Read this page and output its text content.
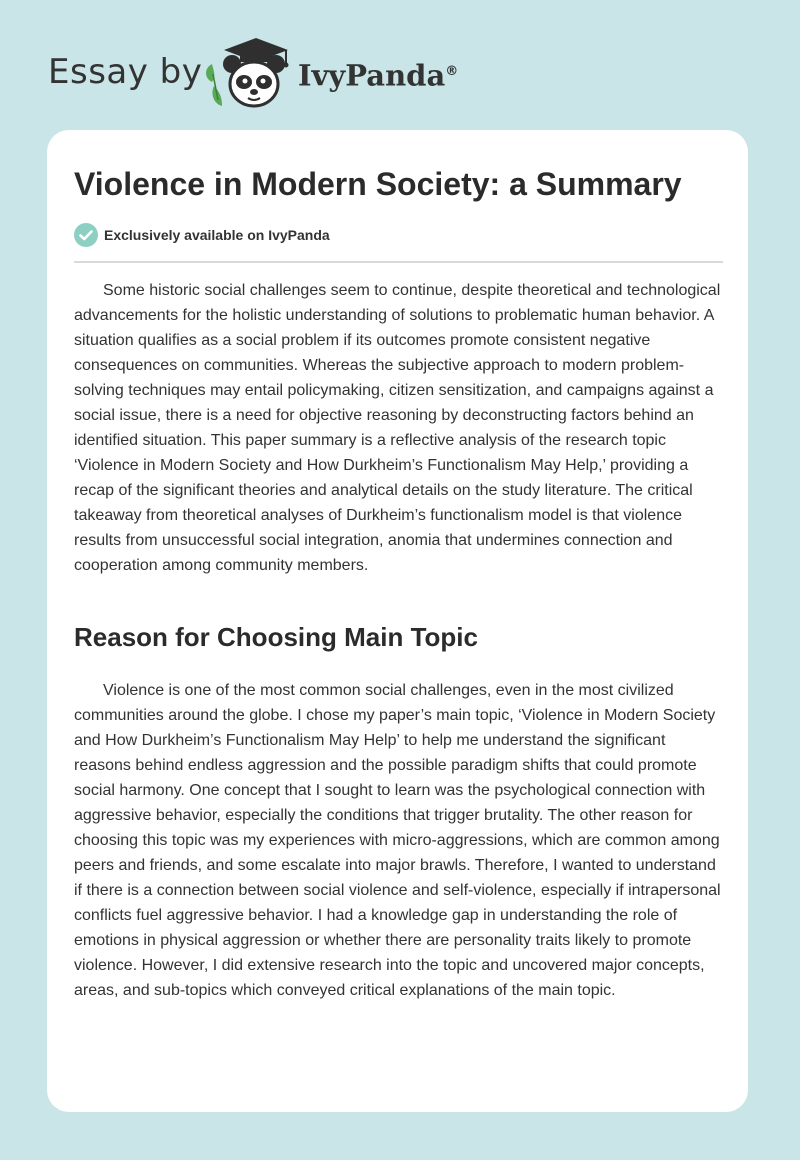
Essay by	IvyPanda®
Violence in Modern Society: a Summary
Exclusively available on IvyPanda

Some historic social challenges seem to continue, despite theoretical and technological advancements for the holistic understanding of solutions to problematic human behavior. A situation qualifies as a social problem if its outcomes promote consistent negative consequences on communities. Whereas the subjective approach to modern problem-solving techniques may entail policymaking, citizen sensitization, and campaigns against a social issue, there is a need for objective reasoning by deconstructing factors behind an identified situation. This paper summary is a reflective analysis of the research topic ‘Violence in Modern Society and How Durkheim’s Functionalism May Help,’ providing a recap of the significant theories and analytical details on the study literature. The critical takeaway from theoretical analyses of Durkheim’s functionalism model is that violence results from unsuccessful social integration, anomia that undermines connection and cooperation among community members.

Reason for Choosing Main Topic

Violence is one of the most common social challenges, even in the most civilized communities around the globe. I chose my paper’s main topic, ‘Violence in Modern Society and How Durkheim’s Functionalism May Help’ to help me understand the significant reasons behind endless aggression and the possible paradigm shifts that could promote social harmony. One concept that I sought to learn was the psychological connection with aggressive behavior, especially the conditions that trigger brutality. The other reason for choosing this topic was my experiences with micro-aggressions, which are common among peers and friends, and some escalate into major brawls. Therefore, I wanted to understand if there is a connection between social violence and self-violence, especially if intrapersonal conflicts fuel aggressive behavior. I had a knowledge gap in understanding the role of emotions in physical aggression or whether there are personality traits likely to promote violence. However, I did extensive research into the topic and uncovered major concepts, areas, and sub-topics which conveyed critical explanations of the main topic.
